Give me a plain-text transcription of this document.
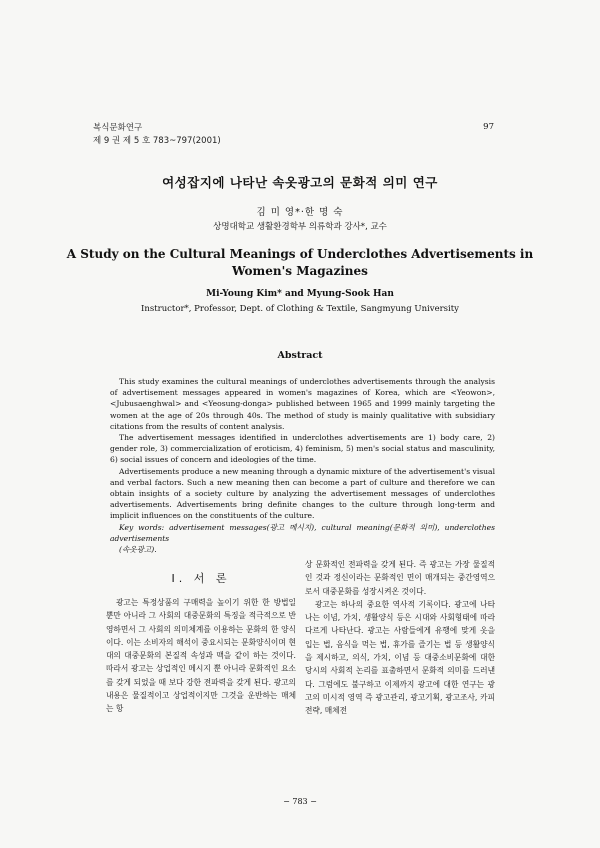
복식문화연구
제 9 권 제 5 호 783~797(2001)
97
여성잡지에 나타난 속옷광고의 문화적 의미 연구
김 미 영*·한 명 숙
상명대학교 생활환경학부 의류학과 강사*, 교수
A Study on the Cultural Meanings of Underclothes Advertisements in
Women's Magazines
Mi-Young Kim* and Myung-Sook Han
Instructor*, Professor, Dept. of Clothing & Textile, Sangmyung University
Abstract

This study examines the cultural meanings of underclothes advertisements through the analysis of advertisement messages appeared in women's magazines of Korea, which are <Yeowon>, <Jubusaenghwal> and <Yeosung-donga> published between 1965 and 1999 mainly targeting the women at the age of 20s through 40s. The method of study is mainly qualitative with subsidiary citations from the results of content analysis.

The advertisement messages identified in underclothes advertisements are 1) body care, 2) gender role, 3) commercialization of eroticism, 4) feminism, 5) men's social status and masculinity, 6) social issues of concern and ideologies of the time.

Advertisements produce a new meaning through a dynamic mixture of the advertisement's visual and verbal factors. Such a new meaning then can become a part of culture and therefore we can obtain insights of a society culture by analyzing the advertisement messages of underclothes advertisements. Advertisements bring definite changes to the culture through long-term and implicit influences on the constituents of the culture.

Key words: advertisement messages(광고 메시지), cultural meaning(문화적 의미), underclothes advertisements

(속옷광고).

Ⅰ. 서 론

광고는 특정상품의 구매력을 높이기 위한 한 방법일 뿐만 아니라 그 사회의 대중문화의 특징을 적극적으로 반영하면서 그 사회의 의미체계를 이용하는 문화의 한 양식이다. 이는 소비자의 해석이 중요시되는 문화양식이며 현대의 대중문화의 본질적 속성과 맥을 같이 하는 것이다. 따라서 광고는 상업적인 메시지 뿐 아니라 문화적인 요소를 갖게 되었을 때 보다 강한 전파력을 갖게 된다. 광고의 내용은 물질적이고 상업적이지만 그것을 운반하는 매체는 항

상 문화적인 전파력을 갖게 된다. 즉 광고는 가장 물질적인 것과 정신이라는 문화적인 면이 매개되는 중간영역으로서 대중문화를 성장시켜온 것이다.

광고는 하나의 중요한 역사적 기록이다. 광고에 나타나는 이념, 가치, 생활양식 등은 시대와 사회형태에 따라 다르게 나타난다. 광고는 사람들에게 유행에 맞게 옷을 입는 법, 음식을 먹는 법, 휴가를 즐기는 법 등 생활양식을 제시하고, 의식, 가치, 이념 등 대중소비문화에 대한 당시의 사회적 논리를 표출하면서 문화적 의미를 드러낸다. 그럼에도 불구하고 이제까지 광고에 대한 연구는 광고의 미시적 영역 즉 광고관리, 광고기획, 광고조사, 카피전략, 매체전

− 783 −
